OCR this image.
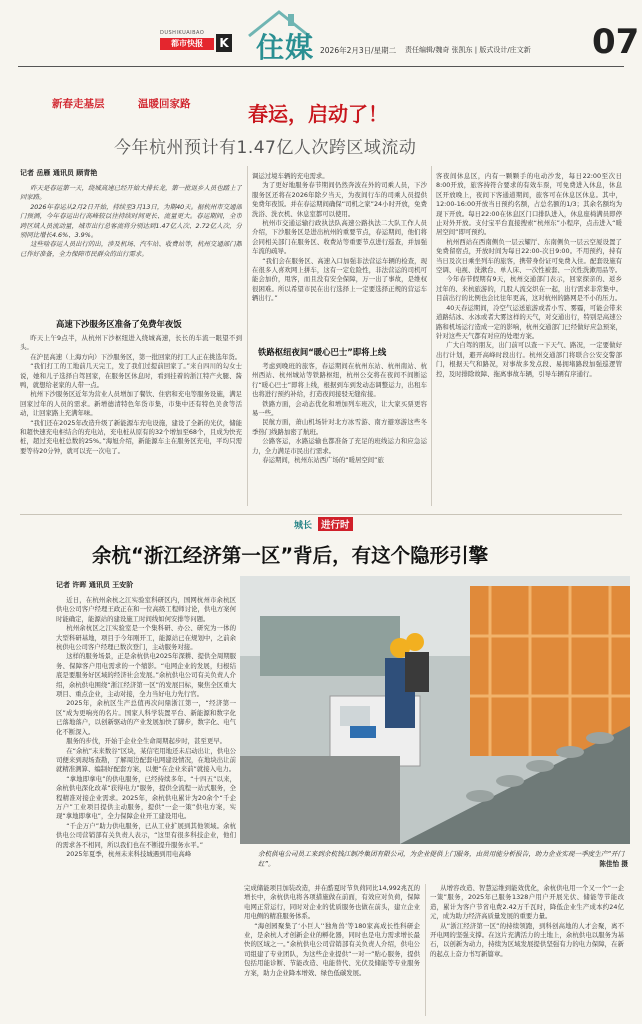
DUSHIKUAIBAO
都市快报	K 住媒 2026年2月3日/星期二 责任编辑/魏奇 张凯东 | 版式设计/庄文新 07
新春走基层	温暖回家路	春运，启动了！
今年杭州预计有1.47亿人次跨区域流动
记者 岳雁 通讯员 顾青艳

昨天是春运第一天，绕城高速已经开始大排长龙，第一批返乡人员也踏上了回家路。

2026年春运从2月2日开始，持续至3月13日，为期40天。据杭州市交通部门预测，今年春运出行高峰较以往持续时间更长、流量更大。春运期间，全市跨区域人员流动量，城市出行总客流将分别达到1.47亿人次、2.72亿人次，分别同比增长4.6%、3.9%。

这些啥春运人员出行的出，涉及机场、汽车站、收费站等，杭州交通部门都已作好准备，全力保障市民群众的出行需求。

高速下沙服务区准备了免费年夜饭

昨天上午9点半，从杭州下沙枢纽进入绕城高速，长长的车流一眼望不到头。

在沪昆高速（上海方向）下沙服务区，第一批回家的打工人正在挑选年货。

“我们打工的工地前几天完工，发了我们过提前回家了。”来自四川的勾女士说，她和儿子选择自驾回家，在服务区休息时，看到挂着的浙江特产火腿、酱鸭，就想给老家的人带一点。

杭州下沙服务区近年为营业人员增加了餐饮、住宿和充电等服务设施，满足回家过年的人员的需求。新增德清特色年货市集，市集中还有特色美食等活动，让回家路上充满年味。

“我们还在2025年改造升级了新能源车充电设施，建设了全新的光伏，储能和超快速充电柜结合的充电站，充电桩从原有的32个增加至68个，且成为快充桩，超过充电桩总数的25%。”海旭介绍，新能源车主在服务区充电，平均只需要等待20分钟，就可以充一次电了。

调运过境车辆的充电需求。

为了更好地服务春节期间仍然奔波在外的司乘人员，下沙服务区还将在2026年除夕当天，为夜间行车的司乘人员提供免费年夜饭。并在春运期间确保“司机之家”24小时开放，免费洗浴、洗衣机、休息室都可以使用。

杭州市交通运输行政执法队高速公路执法二大队工作人员介绍，下沙服务区是进出杭州的重要节点，春运期间，他们将会同相关部门在服务区、收费站等重要节点进行巡查，并加强车流的疏导。

“我们会在服务区、高速入口加强非法营运车辆的检查，现在很多人喜欢网上拼车，这有一定危险性，非法营运的司机可能会加价，甩客，而且没有安全保障，万一出了事故，是维权很困难。所以希望市民在出行选择上一定要选择正规的营运车辆出行。”

铁路枢纽夜间“暖心巴士”即将上线

考虑到晚班的旅客，春运期间在杭州东站、杭州南站、杭州西站、杭州城站等铁路枢纽，杭州公交将在夜间不间断运行“暖心巴士”即将上线，根据到车到发动态调整运力，出租车也将进行预约补给，打造夜间接驳无缝衔接。

铁路方面，会动态优化和增加列车班次，让大家买票更容易一些。

民航方面，萧山机场针对北方冰雪游、南方避寒游这些冬季热门线路加密了航班。

公路客运，水路运输也都准备了充足的班线运力和应急运力，全力满足市民出行需求。

春运期间，杭州东站西广场的“暖居空间”旅

客夜间休息区，内有一颗颗手的电动沙发，每日22:00至次日8:00开放，旅客持符合要求的有效车票，可免费进入休息，休息区开放晚上，夜间下客通道期间，旅客可在休息区休息。其中，12:00-16:00开放当日预约名额，占总名额的1/3；其余名额均为现下开放。每日22:00在休息区门口排队进入，休息座椅满员即停止对外开放。支付宝平台直接搜索“杭州东”小程序，点击进入“暖居空间”即可预约。

杭州西站在西南侧负一层云耀厅、东南侧负一层云空厦设置了免费留宿点，开放时间为每日22:00-次日9:00。不用预约，持有当日及次日乘坐列车的旅客，携带身份证可免费入住。配套设施有空调、电视、洗漱台、单人床、一次性被套、一次性洗漱用品等。

今年春节假期有9天，杭州交通部门表示，回家探亲的、返乡过年的、来杭旅游的，几股人流交织在一起，出行需求非常集中。目前出行的比例也会比往年更高，这对杭州的路网是不小的压力。

40天春运期间，冷空气运送旅游或者小雪、雾霾，可能会带来道路结冰、水冰或者大雾这样的天气，对交通出行，特别是高速公路和机场运行造成一定的影响，杭州交通部门已经做好应急预案，针对这些天气都有对应的处理方案。

广大自驾的朋友，出门前可以查一下天气、路况，一定要做好出行计划，避开高峰时段出行。杭州交通部门将联合公安交警部门，根据天气和路况，对事故多发点段、易拥堵路段加强巡逻管控，及时排除故障、拖离事故车辆，引导车辆有序通行。

城长 进行时
余杭“浙江经济第一区”背后，有这个隐形引擎
记者 许晖 通讯员 王安阶

近日，在杭州余杭之江实验室科研区内，国网杭州市余杭区供电公司客户经理王政正在和一位高级工程师讨论，供电方案何时能确定，能源站的建设施工时间线如何安排等问题。

杭州余杭区之江实验室是一个集科研、办公、研究为一体的大型科研基地，项目于今年刚开工，能源站已在规划中，之前余杭供电公司客户经理已数次登门，主动服务对接。

这样的服务场景，正是余杭供电2025年深耕、提供全周期服务、保障客户用电需求的一个缩影。“电网企业的发展，归根结底是要服务好区域的经济社会发展。”余杭供电公司有关负责人介绍，余杭供电围绕“浙江经济第一区”的发展目标，聚焦全区重大项目、重点企业，主动对接，全力当好电力先行官。

2025年，余杭区生产总值再次问鼎浙江第一，“经济第一区”成为更响亮的名片。国家人科学装置平台、新能源和数字化已落地落户，以创新驱动的产业发展加快了脚步，数字化、电气化不断深入。

服务的步伐，开始于企业全生命周期起步时，甚至更早。

在“余杭”未来数谷“区块，某信宅用地还未启动出让，供电公司便来到现场查勘，了解周边配套电网建设情况，在地块出让前就精准测算、编制好配套方案，以便“在企业来前”就接入电力。

“拿地即拿电”的供电服务，已经持续多年。“十四五”以来，余杭供电深化改革“获得电力”服务，提供全流程一站式服务，全程精准对接企业需求。2025年，余杭供电累计为20余个“千企万户”工业项目提供主动服务，提供“一企一策”供电方案，实现“拿地即拿电”，全力保障企业开工建设用电。

“千企万户”助力供电服务，已从工业扩展到其他领域。余杭供电公司营销部有关负责人表示，“这里有很多科技企业，他们的需求各不相同，所以我们也在不断提升服务水平。”

2025年夏季，杭州未来科技城遇到用电高峰	余杭供电公司员工来到余杭钱江制冷集团有限公司，为企业提供上门服务，由员用能分析报告，助力企业实现一季度生产“开门红”。	陈佳怡 摄

完成储能项目加装改造，并在酷夏时节负荷同比14,992兆瓦的增长中，余杭供电将各项措施做在前面，有效应对负荷，保障电网正常运行，同时对企业的优质服务也做在前头，建立企业用电侧的精准服务体系。

“海创园聚集了‘小巨人’‘独角兽’等180家高成长性科研企业，是余杭人才创新企业的孵化器，同时也是电力需求增长最快的区域之一。”余杭供电公司营销部有关负责人介绍，供电公司组建了专业团队，为这些企业提供“一对一”贴心服务，提供包括用能诊断、节能改造、电能替代、光伏及储能等专业服务方案，助力企业降本增效、绿色低碳发展。

从增容改造、智慧运维到能效优化，余杭供电用一个又一个“一企一策”服务，2025年已服务1328户用户开展光伏、储能等节能改造，累计为客户节省电费2.42万千瓦时，降低企业生产成本约24亿元，成为助力经济高质量发展的重要力量。

从“浙江经济第一区”的持续领跑，到科创高地的人才会聚，离不开电网的坚强支撑。在这片充满活力的土地上，余杭供电以服务为基石，以创新为动力，持续为区域发展提供坚强有力的电力保障，在新的起点上奋力书写新篇章。
